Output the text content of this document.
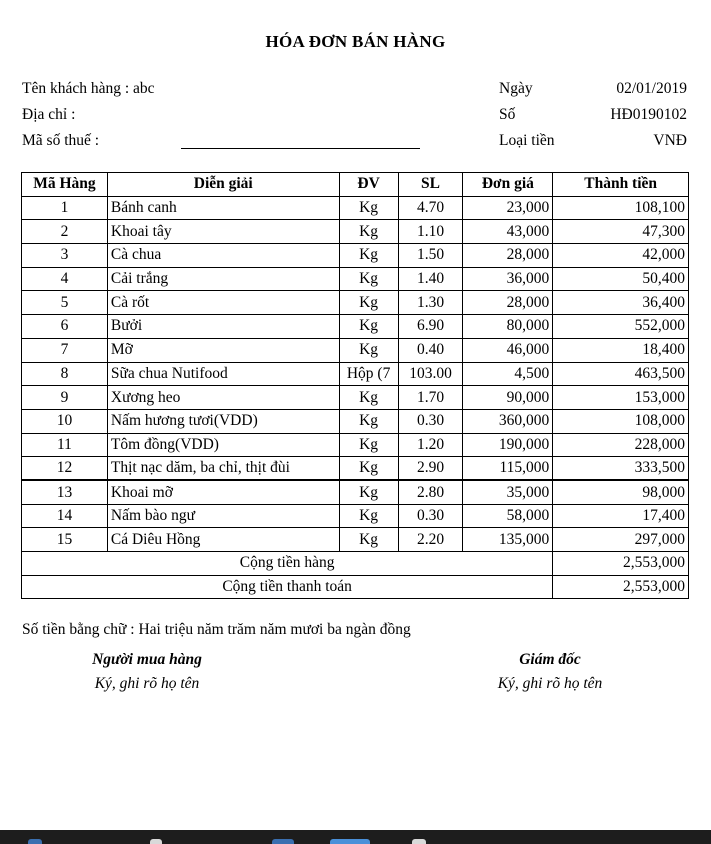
HÓA ĐƠN BÁN HÀNG
Tên khách hàng : abc
Địa chỉ :
Mã số thuế :
Ngày	02/01/2019
Số	HĐ0190102
Loại tiền	VNĐ
Mã Hàng	Diễn giải	ĐV	SL	Đơn giá	Thành tiền
1	Bánh canh	Kg	4.70	23,000	108,100
2	Khoai tây	Kg	1.10	43,000	47,300
3	Cà chua	Kg	1.50	28,000	42,000
4	Cải trắng	Kg	1.40	36,000	50,400
5	Cà rốt	Kg	1.30	28,000	36,400
6	Bưởi	Kg	6.90	80,000	552,000
7	Mỡ	Kg	0.40	46,000	18,400
8	Sữa chua Nutifood	Hộp (7	103.00	4,500	463,500
9	Xương heo	Kg	1.70	90,000	153,000
10	Nấm hương tươi(VDD)	Kg	0.30	360,000	108,000
11	Tôm đồng(VDD)	Kg	1.20	190,000	228,000
12	Thịt nạc dăm, ba chỉ, thịt đùi	Kg	2.90	115,000	333,500
13	Khoai mỡ	Kg	2.80	35,000	98,000
14	Nấm bào ngư	Kg	0.30	58,000	17,400
15	Cá Diêu Hồng	Kg	2.20	135,000	297,000
Cộng tiền hàng					2,553,000
Cộng tiền thanh toán					2,553,000
Số tiền bằng chữ : Hai triệu năm trăm năm mươi ba ngàn đồng
Người mua hàng
Ký, ghi rõ họ tên
Giám đốc
Ký, ghi rõ họ tên
